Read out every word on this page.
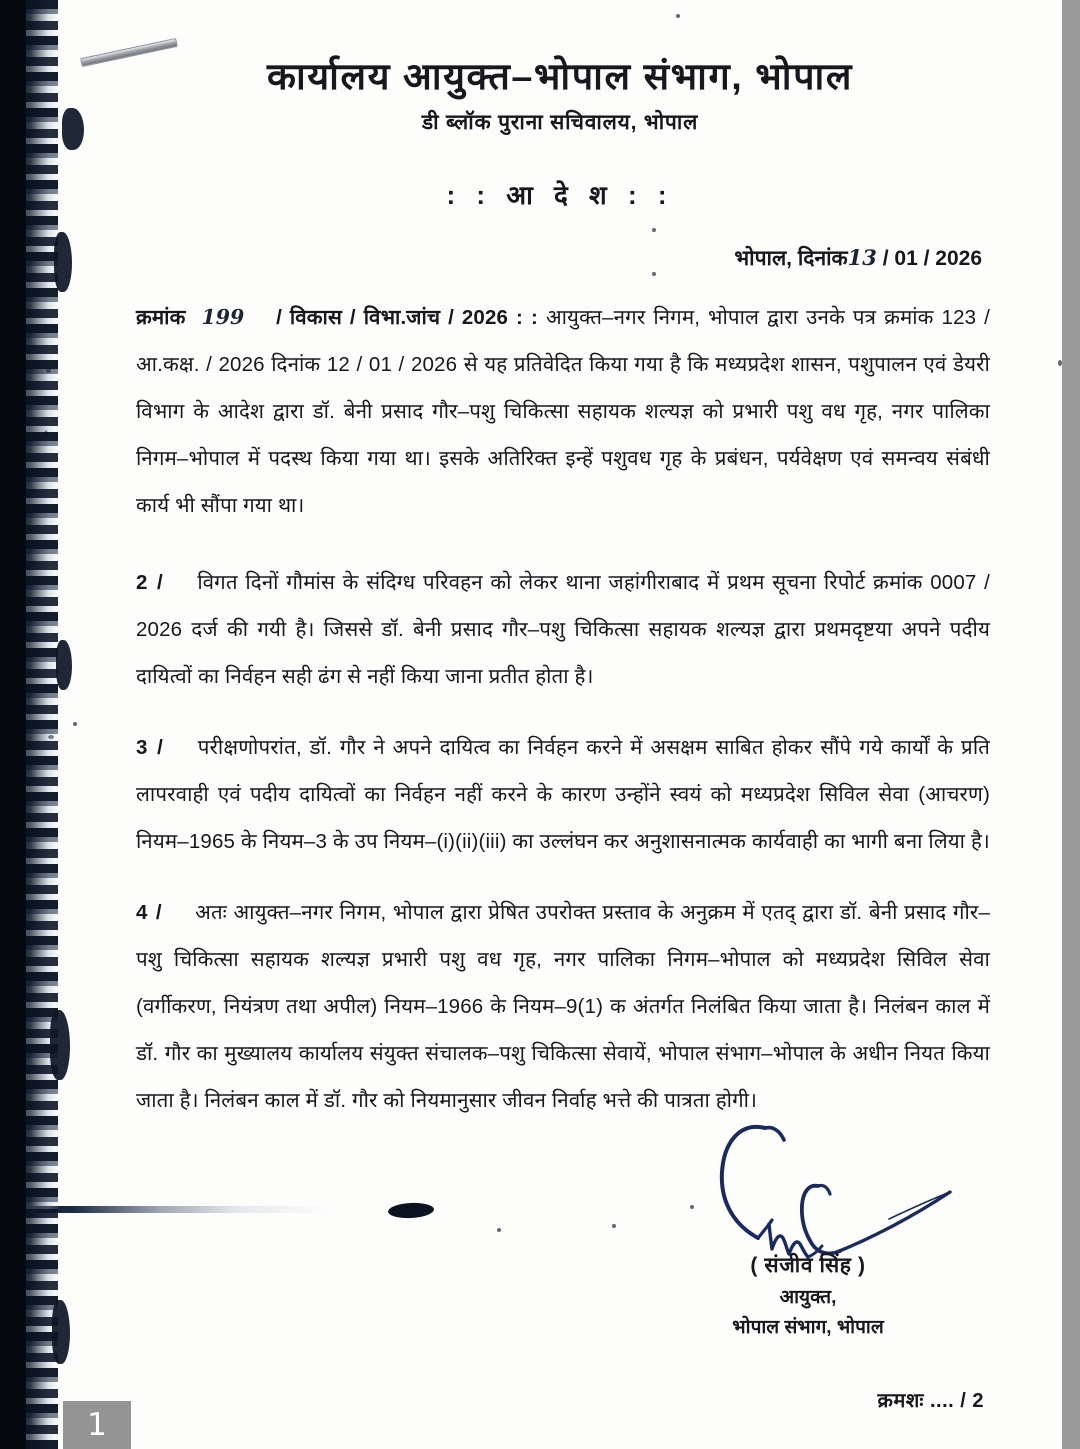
कार्यालय आयुक्त–भोपाल संभाग, भोपाल
डी ब्लॉक पुराना सचिवालय, भोपाल
: : आ दे श : :
भोपाल, दिनांक13 / 01 / 2026
क्रमांक 199 / विकास / विभा.जांच / 2026 : : आयुक्त–नगर निगम, भोपाल द्वारा उनके पत्र क्रमांक 123 / आ.कक्ष. / 2026 दिनांक 12 / 01 / 2026 से यह प्रतिवेदित किया गया है कि मध्यप्रदेश शासन, पशुपालन एवं डेयरी विभाग के आदेश द्वारा डॉ. बेनी प्रसाद गौर–पशु चिकित्सा सहायक शल्यज्ञ को प्रभारी पशु वध गृह, नगर पालिका निगम–भोपाल में पदस्थ किया गया था। इसके अतिरिक्त इन्हें पशुवध गृह के प्रबंधन, पर्यवेक्षण एवं समन्वय संबंधी कार्य भी सौंपा गया था।
2 / विगत दिनों गौमांस के संदिग्ध परिवहन को लेकर थाना जहांगीराबाद में प्रथम सूचना रिपोर्ट क्रमांक 0007 / 2026 दर्ज की गयी है। जिससे डॉ. बेनी प्रसाद गौर–पशु चिकित्सा सहायक शल्यज्ञ द्वारा प्रथमदृष्टया अपने पदीय दायित्वों का निर्वहन सही ढंग से नहीं किया जाना प्रतीत होता है।
3 / परीक्षणोपरांत, डॉ. गौर ने अपने दायित्व का निर्वहन करने में असक्षम साबित होकर सौंपे गये कार्यों के प्रति लापरवाही एवं पदीय दायित्वों का निर्वहन नहीं करने के कारण उन्होंने स्वयं को मध्यप्रदेश सिविल सेवा (आचरण) नियम–1965 के नियम–3 के उप नियम–(i)(ii)(iii) का उल्लंघन कर अनुशासनात्मक कार्यवाही का भागी बना लिया है।
4 / अतः आयुक्त–नगर निगम, भोपाल द्वारा प्रेषित उपरोक्त प्रस्ताव के अनुक्रम में एतद् द्वारा डॉ. बेनी प्रसाद गौर–पशु चिकित्सा सहायक शल्यज्ञ प्रभारी पशु वध गृह, नगर पालिका निगम–भोपाल को मध्यप्रदेश सिविल सेवा (वर्गीकरण, नियंत्रण तथा अपील) नियम–1966 के नियम–9(1) क अंतर्गत निलंबित किया जाता है। निलंबन काल में डॉ. गौर का मुख्यालय कार्यालय संयुक्त संचालक–पशु चिकित्सा सेवायें, भोपाल संभाग–भोपाल के अधीन नियत किया जाता है। निलंबन काल में डॉ. गौर को नियमानुसार जीवन निर्वाह भत्ते की पात्रता होगी।
( संजीव सिंह )
आयुक्त,
भोपाल संभाग, भोपाल
क्रमशः .... / 2
1
